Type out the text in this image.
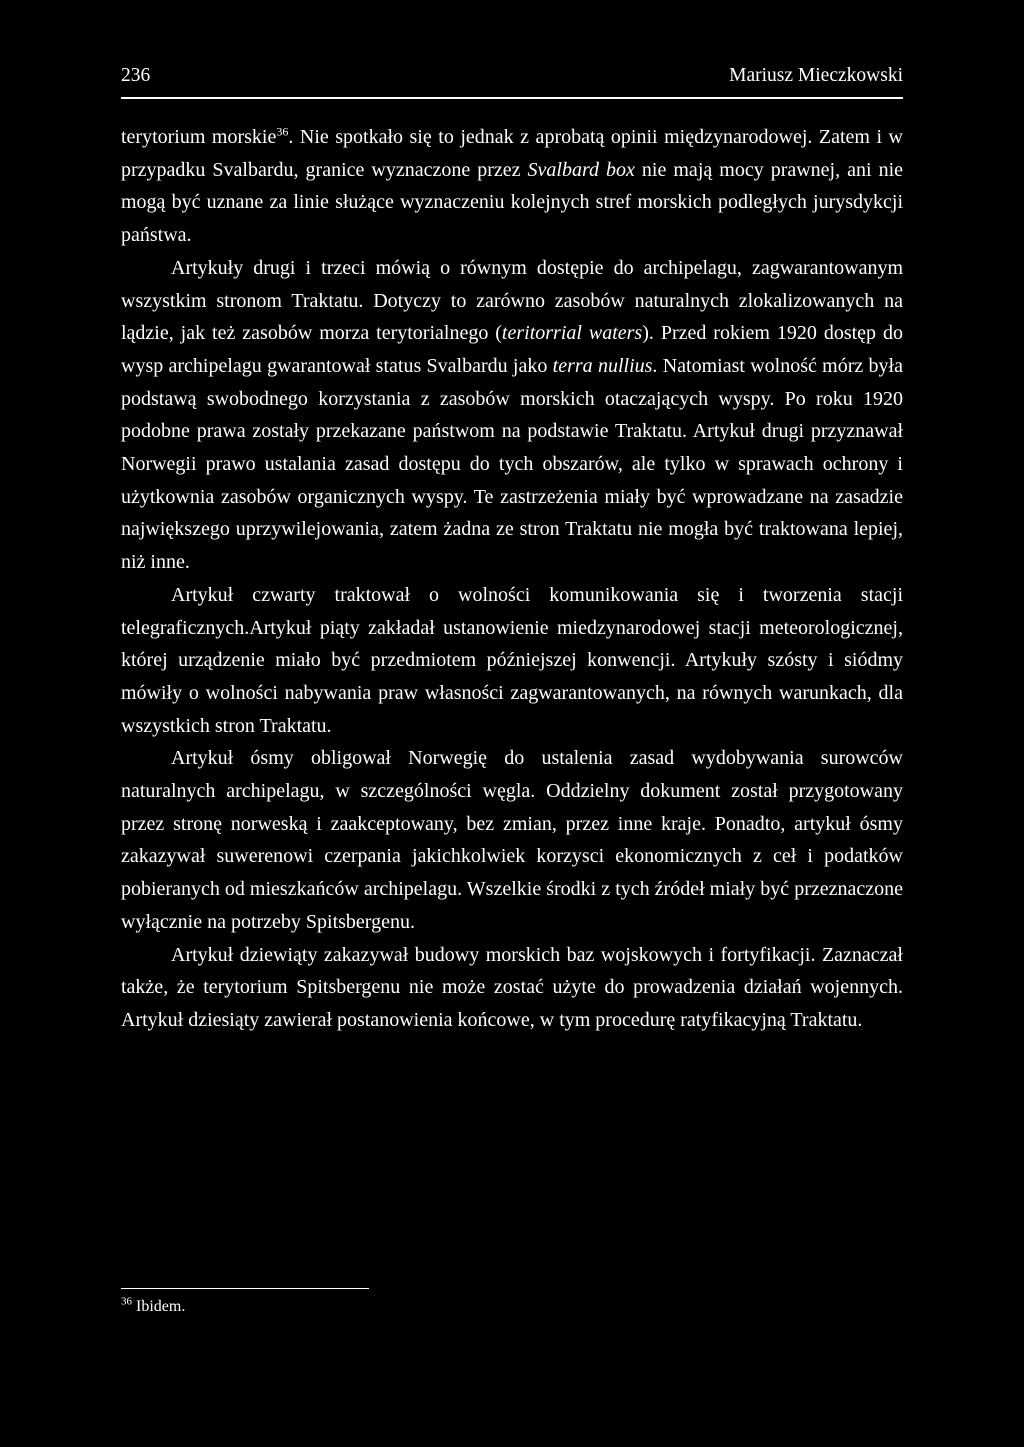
236	Mariusz Mieczkowski

terytorium morskie$^{36}$. Nie spotkało się to jednak z aprobatą opinii międzynarodowej. Zatem i w przypadku Svalbardu, granice wyznaczone przez Svalbard box nie mają mocy prawnej, ani nie mogą być uznane za linie służące wyznaczeniu kolejnych stref morskich podległych jurysdykcji państwa.

Artykuły drugi i trzeci mówią o równym dostępie do archipelagu, zagwarantowanym wszystkim stronom Traktatu. Dotyczy to zarówno zasobów naturalnych zlokalizowanych na lądzie, jak też zasobów morza terytorialnego (teritorrial waters). Przed rokiem 1920 dostęp do wysp archipelagu gwarantował status Svalbardu jako terra nullius. Natomiast wolność mórz była podstawą swobodnego korzystania z zasobów morskich otaczających wyspy. Po roku 1920 podobne prawa zostały przekazane państwom na podstawie Traktatu. Artykuł drugi przyznawał Norwegii prawo ustalania zasad dostępu do tych obszarów, ale tylko w sprawach ochrony i użytkownia zasobów organicznych wyspy. Te zastrzeżenia miały być wprowadzane na zasadzie największego uprzywilejowania, zatem żadna ze stron Traktatu nie mogła być traktowana lepiej, niż inne.

Artykuł czwarty traktował o wolności komunikowania się i tworzenia stacji telegraficznych.Artykuł piąty zakładał ustanowienie miedzynarodowej stacji meteorologicznej, której urządzenie miało być przedmiotem późniejszej konwencji. Artykuły szósty i siódmy mówiły o wolności nabywania praw własności zagwarantowanych, na równych warunkach, dla wszystkich stron Traktatu.

Artykuł ósmy obligował Norwegię do ustalenia zasad wydobywania surowców naturalnych archipelagu, w szczególności węgla. Oddzielny dokument został przygotowany przez stronę norweską i zaakceptowany, bez zmian, przez inne kraje. Ponadto, artykuł ósmy zakazywał suwerenowi czerpania jakichkolwiek korzysci ekonomicznych z ceł i podatków pobieranych od mieszkańców archipelagu. Wszelkie środki z tych źródeł miały być przeznaczone wyłącznie na potrzeby Spitsbergenu.

Artykuł dziewiąty zakazywał budowy morskich baz wojskowych i fortyfikacji. Zaznaczał także, że terytorium Spitsbergenu nie może zostać użyte do prowadzenia działań wojennych. Artykuł dziesiąty zawierał postanowienia końcowe, w tym procedurę ratyfikacyjną Traktatu.

$^{36}$ Ibidem.
